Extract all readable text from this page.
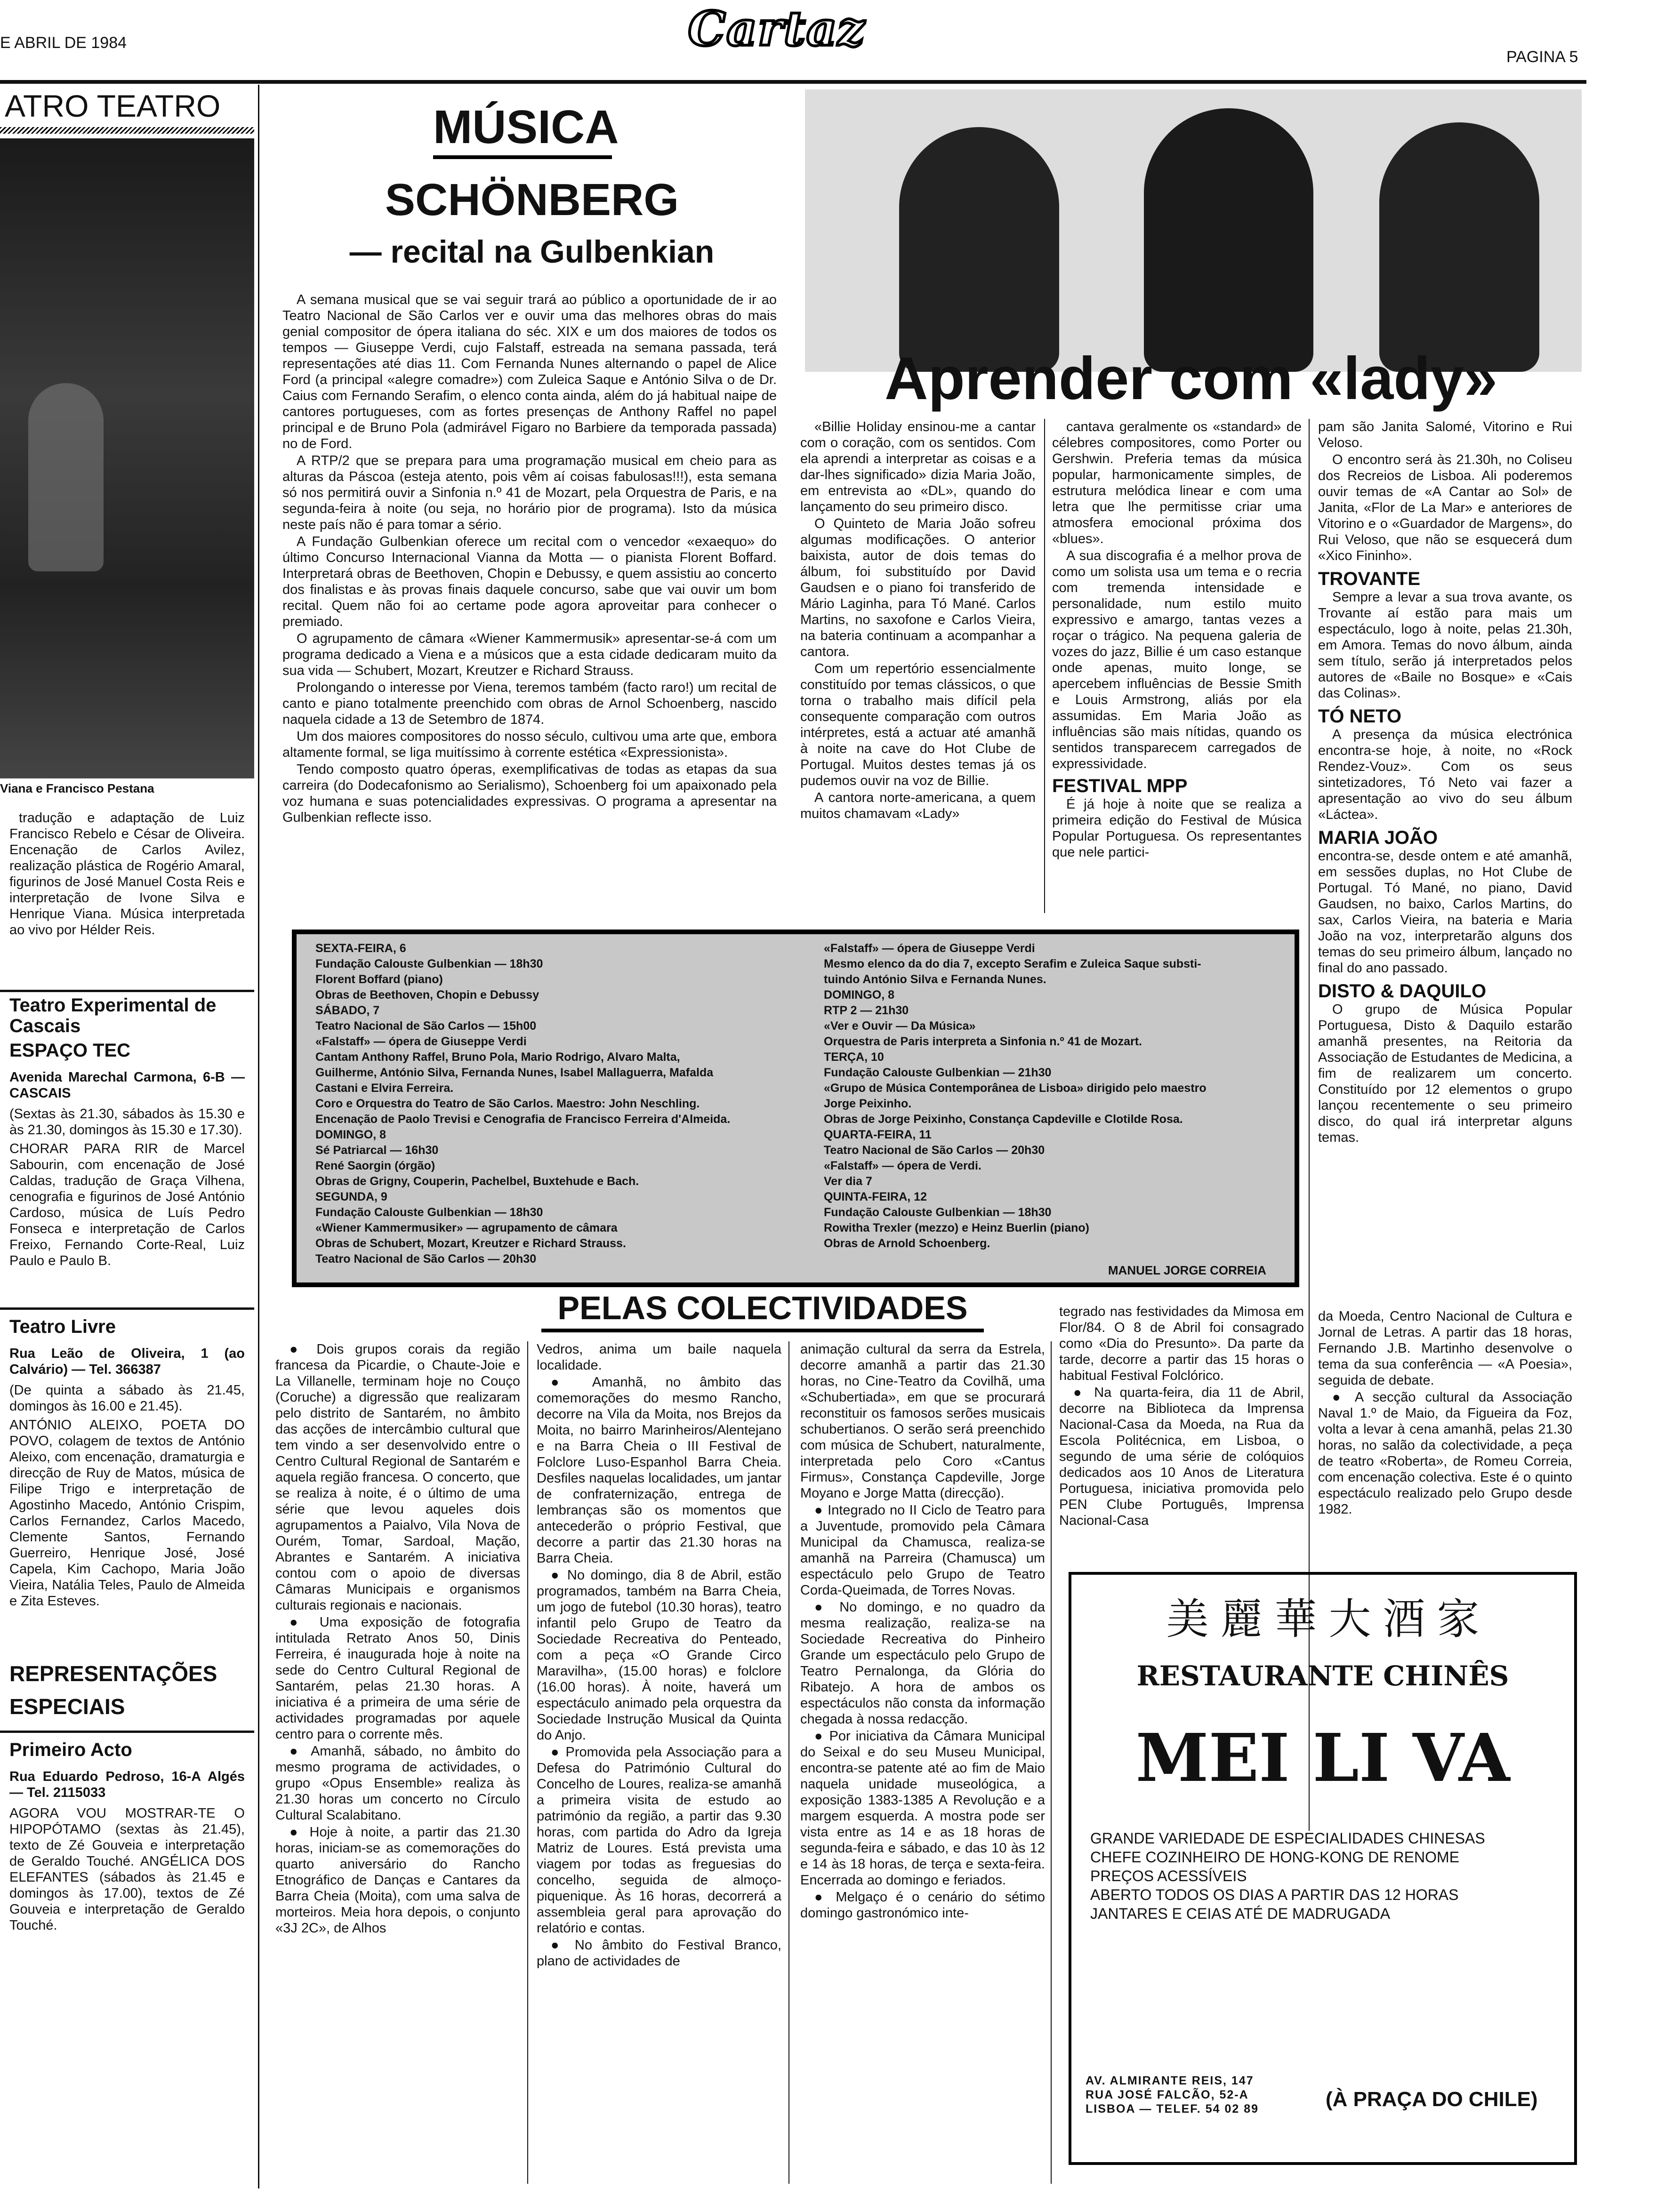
E ABRIL DE 1984	Cartaz
PAGINA 5
ATRO TEATRO
Viana e Francisco Pestana
tradução e adaptação de Luiz Francisco Rebelo e César de Oliveira. Encenação de Carlos Avilez, realização plástica de Rogério Amaral, figurinos de José Manuel Costa Reis e interpretação de Ivone Silva e Henrique Viana. Música interpretada ao vivo por Hélder Reis.
Teatro Experimental de Cascais
ESPAÇO TEC
Avenida Marechal Carmona, 6-B — CASCAIS
(Sextas às 21.30, sábados às 15.30 e às 21.30, domingos às 15.30 e 17.30).
CHORAR PARA RIR de Marcel Sabourin, com encenação de José Caldas, tradução de Graça Vilhena, cenografia e figurinos de José António Cardoso, música de Luís Pedro Fonseca e interpretação de Carlos Freixo, Fernando Corte-Real, Luiz Paulo e Paulo B.
Teatro Livre
Rua Leão de Oliveira, 1 (ao Calvário) — Tel. 366387
(De quinta a sábado às 21.45, domingos às 16.00 e 21.45).
ANTÓNIO ALEIXO, POETA DO POVO, colagem de textos de António Aleixo, com encenação, dramaturgia e direcção de Ruy de Matos, música de Filipe Trigo e interpretação de Agostinho Macedo, António Crispim, Carlos Fernandez, Carlos Macedo, Clemente Santos, Fernando Guerreiro, Henrique José, José Capela, Kim Cachopo, Maria João Vieira, Natália Teles, Paulo de Almeida e Zita Esteves.
REPRESENTAÇÕES ESPECIAIS
Primeiro Acto
Rua Eduardo Pedroso, 16-A Algés — Tel. 2115033
AGORA VOU MOSTRAR-TE O HIPOPÓTAMO (sextas às 21.45), texto de Zé Gouveia e interpretação de Geraldo Touché. ANGÉLICA DOS ELEFANTES (sábados às 21.45 e domingos às 17.00), textos de Zé Gouveia e interpretação de Geraldo Touché.
MÚSICA
SCHÖNBERG
— recital na Gulbenkian

A semana musical que se vai seguir trará ao público a oportunidade de ir ao Teatro Nacional de São Carlos ver e ouvir uma das melhores obras do mais genial compositor de ópera italiana do séc. XIX e um dos maiores de todos os tempos — Giuseppe Verdi, cujo Falstaff, estreada na semana passada, terá representações até dias 11. Com Fernanda Nunes alternando o papel de Alice Ford (a principal «alegre comadre») com Zuleica Saque e António Silva o de Dr. Caius com Fernando Serafim, o elenco conta ainda, além do já habitual naipe de cantores portugueses, com as fortes presenças de Anthony Raffel no papel principal e de Bruno Pola (admirável Figaro no Barbiere da temporada passada) no de Ford.

A RTP/2 que se prepara para uma programação musical em cheio para as alturas da Páscoa (esteja atento, pois vêm aí coisas fabulosas!!!), esta semana só nos permitirá ouvir a Sinfonia n.º 41 de Mozart, pela Orquestra de Paris, e na segunda-feira à noite (ou seja, no horário pior de programa). Isto da música neste país não é para tomar a sério.

A Fundação Gulbenkian oferece um recital com o vencedor «exaequo» do último Concurso Internacional Vianna da Motta — o pianista Florent Boffard. Interpretará obras de Beethoven, Chopin e Debussy, e quem assistiu ao concerto dos finalistas e às provas finais daquele concurso, sabe que vai ouvir um bom recital. Quem não foi ao certame pode agora aproveitar para conhecer o premiado.

O agrupamento de câmara «Wiener Kammermusik» apresentar-se-á com um programa dedicado a Viena e a músicos que a esta cidade dedicaram muito da sua vida — Schubert, Mozart, Kreutzer e Richard Strauss.

Prolongando o interesse por Viena, teremos também (facto raro!) um recital de canto e piano totalmente preenchido com obras de Arnol Schoenberg, nascido naquela cidade a 13 de Setembro de 1874.

Um dos maiores compositores do nosso século, cultivou uma arte que, embora altamente formal, se liga muitíssimo à corrente estética «Expressionista».

Tendo composto quatro óperas, exemplificativas de todas as etapas da sua carreira (do Dodecafonismo ao Serialismo), Schoenberg foi um apaixonado pela voz humana e suas potencialidades expressivas. O programa a apresentar na Gulbenkian reflecte isso.

Aprender com «lady»

«Billie Holiday ensinou-me a cantar com o coração, com os sentidos. Com ela aprendi a interpretar as coisas e a dar-lhes significado» dizia Maria João, em entrevista ao «DL», quando do lançamento do seu primeiro disco.

O Quinteto de Maria João sofreu algumas modificações. O anterior baixista, autor de dois temas do álbum, foi substituído por David Gaudsen e o piano foi transferido de Mário Laginha, para Tó Mané. Carlos Martins, no saxofone e Carlos Vieira, na bateria continuam a acompanhar a cantora.

Com um repertório essencialmente constituído por temas clássicos, o que torna o trabalho mais difícil pela consequente comparação com outros intérpretes, está a actuar até amanhã à noite na cave do Hot Clube de Portugal. Muitos destes temas já os pudemos ouvir na voz de Billie.

A cantora norte-americana, a quem muitos chamavam «Lady»

cantava geralmente os «standard» de célebres compositores, como Porter ou Gershwin. Preferia temas da música popular, harmonicamente simples, de estrutura melódica linear e com uma letra que lhe permitisse criar uma atmosfera emocional próxima dos «blues».

A sua discografia é a melhor prova de como um solista usa um tema e o recria com tremenda intensidade e personalidade, num estilo muito expressivo e amargo, tantas vezes a roçar o trágico. Na pequena galeria de vozes do jazz, Billie é um caso estanque onde apenas, muito longe, se apercebem influências de Bessie Smith e Louis Armstrong, aliás por ela assumidas. Em Maria João as influências são mais nítidas, quando os sentidos transparecem carregados de expressividade.

FESTIVAL MPP

É já hoje à noite que se realiza a primeira edição do Festival de Música Popular Portuguesa. Os representantes que nele partici-

pam são Janita Salomé, Vitorino e Rui Veloso.

O encontro será às 21.30h, no Coliseu dos Recreios de Lisboa. Ali poderemos ouvir temas de «A Cantar ao Sol» de Janita, «Flor de La Mar» e anteriores de Vitorino e o «Guardador de Margens», do Rui Veloso, que não se esquecerá dum «Xico Fininho».

TROVANTE

Sempre a levar a sua trova avante, os Trovante aí estão para mais um espectáculo, logo à noite, pelas 21.30h, em Amora. Temas do novo álbum, ainda sem título, serão já interpretados pelos autores de «Baile no Bosque» e «Cais das Colinas».

TÓ NETO

A presença da música electrónica encontra-se hoje, à noite, no «Rock Rendez-Vouz». Com os seus sintetizadores, Tó Neto vai fazer a apresentação ao vivo do seu álbum «Láctea».

MARIA JOÃO

encontra-se, desde ontem e até amanhã, em sessões duplas, no Hot Clube de Portugal. Tó Mané, no piano, David Gaudsen, no baixo, Carlos Martins, do sax, Carlos Vieira, na bateria e Maria João na voz, interpretarão alguns dos temas do seu primeiro álbum, lançado no final do ano passado.

DISTO & DAQUILO

O grupo de Música Popular Portuguesa, Disto & Daquilo estarão amanhã presentes, na Reitoria da Associação de Estudantes de Medicina, a fim de realizarem um concerto. Constituído por 12 elementos o grupo lançou recentemente o seu primeiro disco, do qual irá interpretar alguns temas.

SEXTA-FEIRA, 6
Fundação Calouste Gulbenkian — 18h30
Florent Boffard (piano)
Obras de Beethoven, Chopin e Debussy
SÁBADO, 7
Teatro Nacional de São Carlos — 15h00
«Falstaff» — ópera de Giuseppe Verdi
Cantam Anthony Raffel, Bruno Pola, Mario Rodrigo, Alvaro Malta,
Guilherme, António Silva, Fernanda Nunes, Isabel Mallaguerra, Mafalda
Castani e Elvira Ferreira.
Coro e Orquestra do Teatro de São Carlos. Maestro: John Neschling.
Encenação de Paolo Trevisi e Cenografia de Francisco Ferreira d'Almeida.
DOMINGO, 8
Sé Patriarcal — 16h30
René Saorgin (órgão)
Obras de Grigny, Couperin, Pachelbel, Buxtehude e Bach.
SEGUNDA, 9
Fundação Calouste Gulbenkian — 18h30
«Wiener Kammermusiker» — agrupamento de câmara
Obras de Schubert, Mozart, Kreutzer e Richard Strauss.
Teatro Nacional de São Carlos — 20h30
«Falstaff» — ópera de Giuseppe Verdi
Mesmo elenco da do dia 7, excepto Serafim e Zuleica Saque substi-
tuindo António Silva e Fernanda Nunes.
DOMINGO, 8
RTP 2 — 21h30
«Ver e Ouvir — Da Música»
Orquestra de Paris interpreta a Sinfonia n.º 41 de Mozart.
TERÇA, 10
Fundação Calouste Gulbenkian — 21h30
«Grupo de Música Contemporânea de Lisboa» dirigido pelo maestro
Jorge Peixinho.
Obras de Jorge Peixinho, Constança Capdeville e Clotilde Rosa.
QUARTA-FEIRA, 11
Teatro Nacional de São Carlos — 20h30
«Falstaff» — ópera de Verdi.
Ver dia 7
QUINTA-FEIRA, 12
Fundação Calouste Gulbenkian — 18h30
Rowitha Trexler (mezzo) e Heinz Buerlin (piano)
Obras de Arnold Schoenberg.
MANUEL JORGE CORREIA
PELAS COLECTIVIDADES

● Dois grupos corais da região francesa da Picardie, o Chaute-Joie e La Villanelle, terminam hoje no Couço (Coruche) a digressão que realizaram pelo distrito de Santarém, no âmbito das acções de intercâmbio cultural que tem vindo a ser desenvolvido entre o Centro Cultural Regional de Santarém e aquela região francesa. O concerto, que se realiza à noite, é o último de uma série que levou aqueles dois agrupamentos a Paialvo, Vila Nova de Ourém, Tomar, Sardoal, Mação, Abrantes e Santarém. A iniciativa contou com o apoio de diversas Câmaras Municipais e organismos culturais regionais e nacionais.

● Uma exposição de fotografia intitulada Retrato Anos 50, Dinis Ferreira, é inaugurada hoje à noite na sede do Centro Cultural Regional de Santarém, pelas 21.30 horas. A iniciativa é a primeira de uma série de actividades programadas por aquele centro para o corrente mês.

● Amanhã, sábado, no âmbito do mesmo programa de actividades, o grupo «Opus Ensemble» realiza às 21.30 horas um concerto no Círculo Cultural Scalabitano.

● Hoje à noite, a partir das 21.30 horas, iniciam-se as comemorações do quarto aniversário do Rancho Etnográfico de Danças e Cantares da Barra Cheia (Moita), com uma salva de morteiros. Meia hora depois, o conjunto «3J 2C», de Alhos

Vedros, anima um baile naquela localidade.

● Amanhã, no âmbito das comemorações do mesmo Rancho, decorre na Vila da Moita, nos Brejos da Moita, no bairro Marinheiros/Alentejano e na Barra Cheia o III Festival de Folclore Luso-Espanhol Barra Cheia. Desfiles naquelas localidades, um jantar de confraternização, entrega de lembranças são os momentos que antecederão o próprio Festival, que decorre a partir das 21.30 horas na Barra Cheia.

● No domingo, dia 8 de Abril, estão programados, também na Barra Cheia, um jogo de futebol (10.30 horas), teatro infantil pelo Grupo de Teatro da Sociedade Recreativa do Penteado, com a peça «O Grande Circo Maravilha», (15.00 horas) e folclore (16.00 horas). À noite, haverá um espectáculo animado pela orquestra da Sociedade Instrução Musical da Quinta do Anjo.

● Promovida pela Associação para a Defesa do Património Cultural do Concelho de Loures, realiza-se amanhã a primeira visita de estudo ao património da região, a partir das 9.30 horas, com partida do Adro da Igreja Matriz de Loures. Está prevista uma viagem por todas as freguesias do concelho, seguida de almoço-piquenique. Às 16 horas, decorrerá a assembleia geral para aprovação do relatório e contas.

● No âmbito do Festival Branco, plano de actividades de

animação cultural da serra da Estrela, decorre amanhã a partir das 21.30 horas, no Cine-Teatro da Covilhã, uma «Schubertiada», em que se procurará reconstituir os famosos serões musicais schubertianos. O serão será preenchido com música de Schubert, naturalmente, interpretada pelo Coro «Cantus Firmus», Constança Capdeville, Jorge Moyano e Jorge Matta (direcção).

● Integrado no II Ciclo de Teatro para a Juventude, promovido pela Câmara Municipal da Chamusca, realiza-se amanhã na Parreira (Chamusca) um espectáculo pelo Grupo de Teatro Corda-Queimada, de Torres Novas.

● No domingo, e no quadro da mesma realização, realiza-se na Sociedade Recreativa do Pinheiro Grande um espectáculo pelo Grupo de Teatro Pernalonga, da Glória do Ribatejo. A hora de ambos os espectáculos não consta da informação chegada à nossa redacção.

● Por iniciativa da Câmara Municipal do Seixal e do seu Museu Municipal, encontra-se patente até ao fim de Maio naquela unidade museológica, a exposição 1383-1385 A Revolução e a margem esquerda. A mostra pode ser vista entre as 14 e as 18 horas de segunda-feira e sábado, e das 10 às 12 e 14 às 18 horas, de terça e sexta-feira. Encerrada ao domingo e feriados.

● Melgaço é o cenário do sétimo domingo gastronómico inte-

tegrado nas festividades da Mimosa em Flor/84. O 8 de Abril foi consagrado como «Dia do Presunto». Da parte da tarde, decorre a partir das 15 horas o habitual Festival Folclórico.

● Na quarta-feira, dia 11 de Abril, decorre na Biblioteca da Imprensa Nacional-Casa da Moeda, na Rua da Escola Politécnica, em Lisboa, o segundo de uma série de colóquios dedicados aos 10 Anos de Literatura Portuguesa, iniciativa promovida pelo PEN Clube Português, Imprensa Nacional-Casa

da Moeda, Centro Nacional de Cultura e Jornal de Letras. A partir das 18 horas, Fernando J.B. Martinho desenvolve o tema da sua conferência — «A Poesia», seguida de debate.

● A secção cultural da Associação Naval 1.º de Maio, da Figueira da Foz, volta a levar à cena amanhã, pelas 21.30 horas, no salão da colectividade, a peça de teatro «Roberta», de Romeu Correia, com encenação colectiva. Este é o quinto espectáculo realizado pelo Grupo desde 1982.

美 麗 華 大 酒 家
RESTAURANTE CHINÊS
MEI LI VA
GRANDE VARIEDADE DE ESPECIALIDADES CHINESAS
CHEFE COZINHEIRO DE HONG-KONG DE RENOME
PREÇOS ACESSÍVEIS
ABERTO TODOS OS DIAS A PARTIR DAS 12 HORAS
JANTARES E CEIAS ATÉ DE MADRUGADA
AV. ALMIRANTE REIS, 147
RUA JOSÉ FALCÃO, 52-A
LISBOA — TELEF. 54 02 89	(À PRAÇA DO CHILE)
